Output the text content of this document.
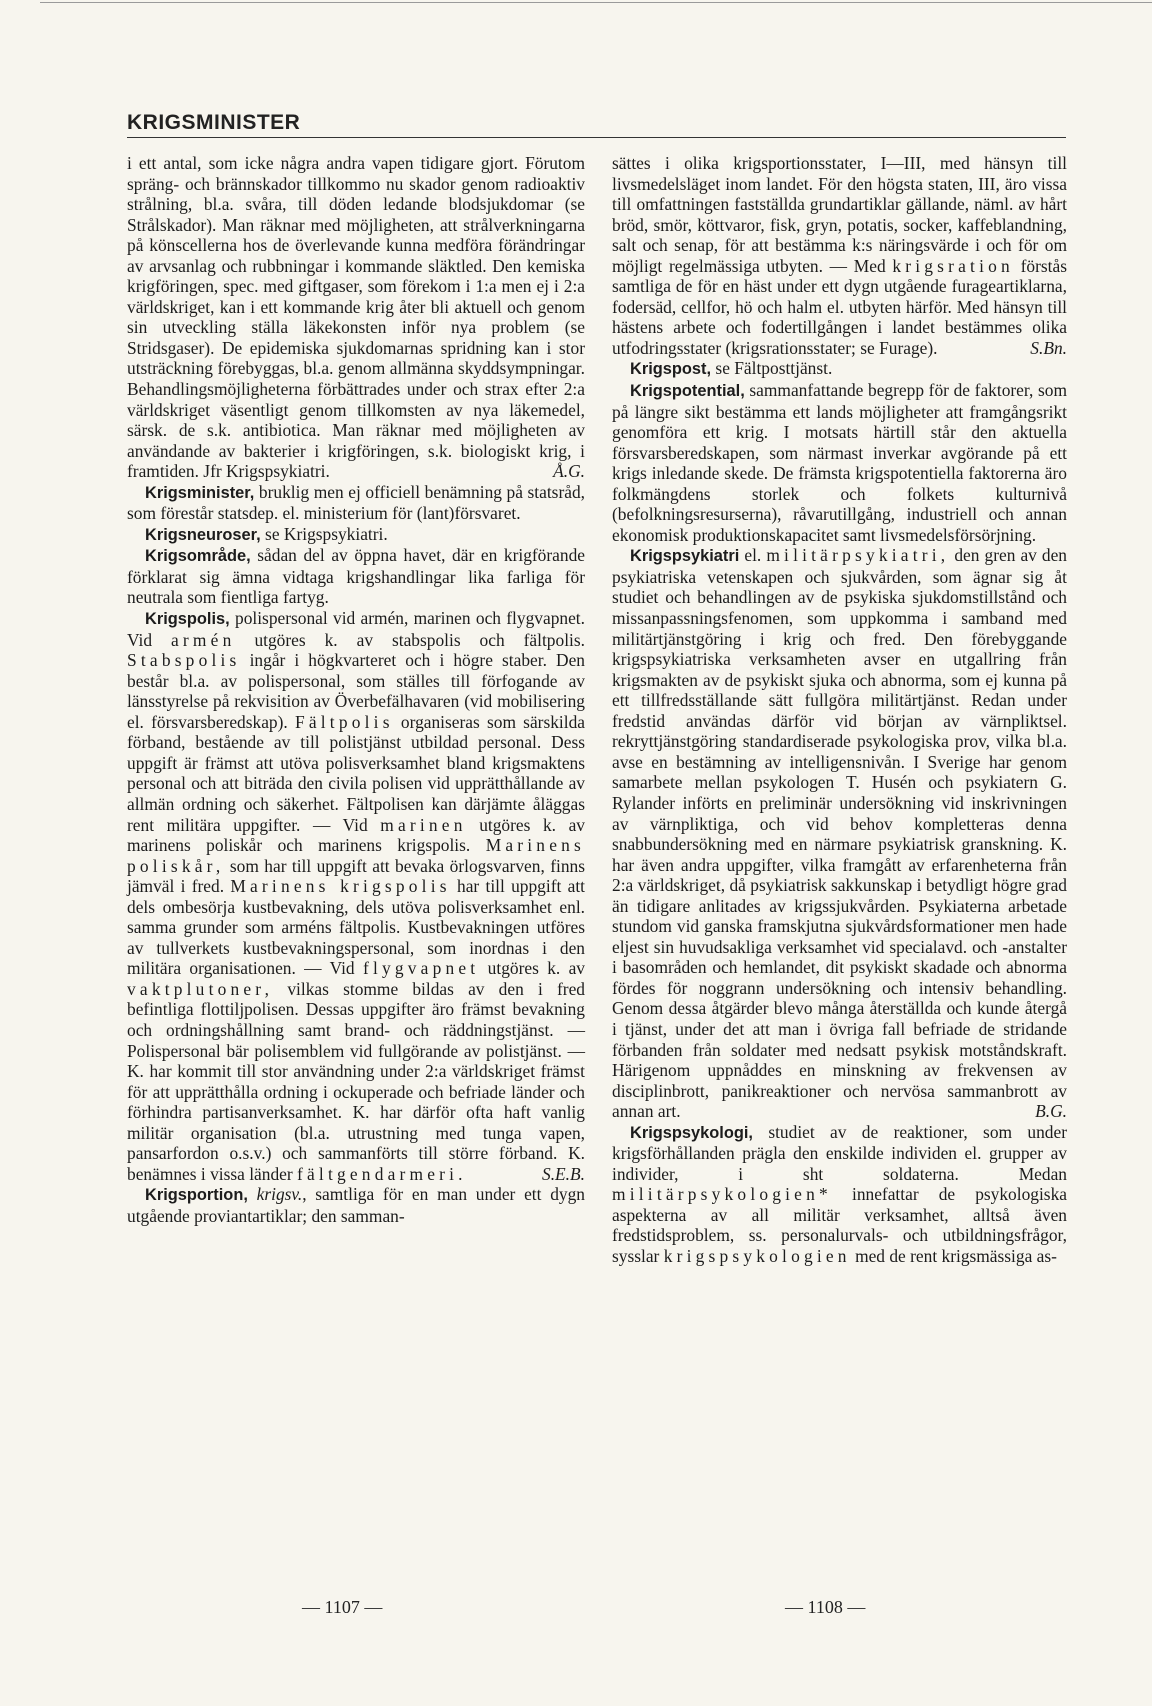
KRIGSMINISTER

i ett antal, som icke några andra vapen tidigare gjort. Förutom spräng- och brännskador tillkommo nu skador genom radioaktiv strålning, bl.a. svåra, till döden ledande blodsjukdomar (se Strålskador). Man räknar med möjligheten, att strålverkningarna på könscellerna hos de överlevande kunna medföra förändringar av arvsanlag och rubbningar i kommande släktled. Den kemiska krigföringen, spec. med giftgaser, som förekom i 1:a men ej i 2:a världskriget, kan i ett kommande krig åter bli aktuell och genom sin utveckling ställa läkekonsten inför nya problem (se Stridsgaser). De epidemiska sjukdomarnas spridning kan i stor utsträckning förebyggas, bl.a. genom allmänna skyddsympningar. Behandlingsmöjligheterna förbättrades under och strax efter 2:a världskriget väsentligt genom tillkomsten av nya läkemedel, särsk. de s.k. antibiotica. Man räknar med möjligheten av användande av bakterier i krigföringen, s.k. biologiskt krig, i framtiden. Jfr Krigspsykiatri.	Å.G.

Krigsminister, bruklig men ej officiell benämning på statsråd, som förestår statsdep. el. ministerium för (lant)försvaret.

Krigsneuroser, se Krigspsykiatri.

Krigsområde, sådan del av öppna havet, där en krigförande förklarat sig ämna vidtaga krigshandlingar lika farliga för neutrala som fientliga fartyg.

Krigspolis, polispersonal vid armén, marinen och flygvapnet. Vid armén utgöres k. av stabspolis och fältpolis. Stabspolis ingår i högkvarteret och i högre staber. Den består bl.a. av polispersonal, som ställes till förfogande av länsstyrelse på rekvisition av Överbefälhavaren (vid mobilisering el. försvarsberedskap). Fältpolis organiseras som särskilda förband, bestående av till polistjänst utbildad personal. Dess uppgift är främst att utöva polisverksamhet bland krigsmaktens personal och att biträda den civila polisen vid upprätthållande av allmän ordning och säkerhet. Fältpolisen kan därjämte åläggas rent militära uppgifter. — Vid marinen utgöres k. av marinens poliskår och marinens krigspolis. Marinens poliskår, som har till uppgift att bevaka örlogsvarven, finns jämväl i fred. Marinens krigspolis har till uppgift att dels ombesörja kustbevakning, dels utöva polisverksamhet enl. samma grunder som arméns fältpolis. Kustbevakningen utföres av tullverkets kustbevakningspersonal, som inordnas i den militära organisationen. — Vid flygvapnet utgöres k. av vaktplutoner, vilkas stomme bildas av den i fred befintliga flottiljpolisen. Dessas uppgifter äro främst bevakning och ordningshållning samt brand- och räddningstjänst. — Polispersonal bär polisemblem vid fullgörande av polistjänst. — K. har kommit till stor användning under 2:a världskriget främst för att upprätthålla ordning i ockuperade och befriade länder och förhindra partisanverksamhet. K. har därför ofta haft vanlig militär organisation (bl.a. utrustning med tunga vapen, pansarfordon o.s.v.) och sammanförts till större förband. K. benämnes i vissa länder fältgendarmeri.	S.E.B.

Krigsportion, krigsv., samtliga för en man under ett dygn utgående proviantartiklar; den samman-

sättes i olika krigsportionsstater, I—III, med hänsyn till livsmedelsläget inom landet. För den högsta staten, III, äro vissa till omfattningen fastställda grundartiklar gällande, näml. av hårt bröd, smör, köttvaror, fisk, gryn, potatis, socker, kaffeblandning, salt och senap, för att bestämma k:s näringsvärde i och för om möjligt regelmässiga utbyten. — Med krigsration förstås samtliga de för en häst under ett dygn utgående furageartiklarna, fodersäd, cellfor, hö och halm el. utbyten härför. Med hänsyn till hästens arbete och fodertillgången i landet bestämmes olika utfodringsstater (krigsrationsstater; se Furage).	S.Bn.

Krigspost, se Fältposttjänst.

Krigspotential, sammanfattande begrepp för de faktorer, som på längre sikt bestämma ett lands möjligheter att framgångsrikt genomföra ett krig. I motsats härtill står den aktuella försvarsberedskapen, som närmast inverkar avgörande på ett krigs inledande skede. De främsta krigspotentiella faktorerna äro folkmängdens storlek och folkets kulturnivå (befolkningsresurserna), råvarutillgång, industriell och annan ekonomisk produktionskapacitet samt livsmedelsförsörjning.

Krigspsykiatri el. militärpsykiatri, den gren av den psykiatriska vetenskapen och sjukvården, som ägnar sig åt studiet och behandlingen av de psykiska sjukdomstillstånd och missanpassningsfenomen, som uppkomma i samband med militärtjänstgöring i krig och fred. Den förebyggande krigspsykiatriska verksamheten avser en utgallring från krigsmakten av de psykiskt sjuka och abnorma, som ej kunna på ett tillfredsställande sätt fullgöra militärtjänst. Redan under fredstid användas därför vid början av värnpliktsel. rekryttjänstgöring standardiserade psykologiska prov, vilka bl.a. avse en bestämning av intelligensnivån. I Sverige har genom samarbete mellan psykologen T. Husén och psykiatern G. Rylander införts en preliminär undersökning vid inskrivningen av värnpliktiga, och vid behov kompletteras denna snabbundersökning med en närmare psykiatrisk granskning. K. har även andra uppgifter, vilka framgått av erfarenheterna från 2:a världskriget, då psykiatrisk sakkunskap i betydligt högre grad än tidigare anlitades av krigssjukvården. Psykiaterna arbetade stundom vid ganska framskjutna sjukvårdsformationer men hade eljest sin huvudsakliga verksamhet vid specialavd. och -anstalter i basområden och hemlandet, dit psykiskt skadade och abnorma fördes för noggrann undersökning och intensiv behandling. Genom dessa åtgärder blevo många återställda och kunde återgå i tjänst, under det att man i övriga fall befriade de stridande förbanden från soldater med nedsatt psykisk motståndskraft. Härigenom uppnåddes en minskning av frekvensen av disciplinbrott, panikreaktioner och nervösa sammanbrott av annan art.	B.G.

Krigspsykologi, studiet av de reaktioner, som under krigsförhållanden prägla den enskilde individen el. grupper av individer, i sht soldaterna. Medan militärpsykologien* innefattar de psykologiska aspekterna av all militär verksamhet, alltså även fredstidsproblem, ss. personalurvals- och utbildningsfrågor, sysslar krigspsykologien med de rent krigsmässiga as-

— 1107 —	— 1108 —
